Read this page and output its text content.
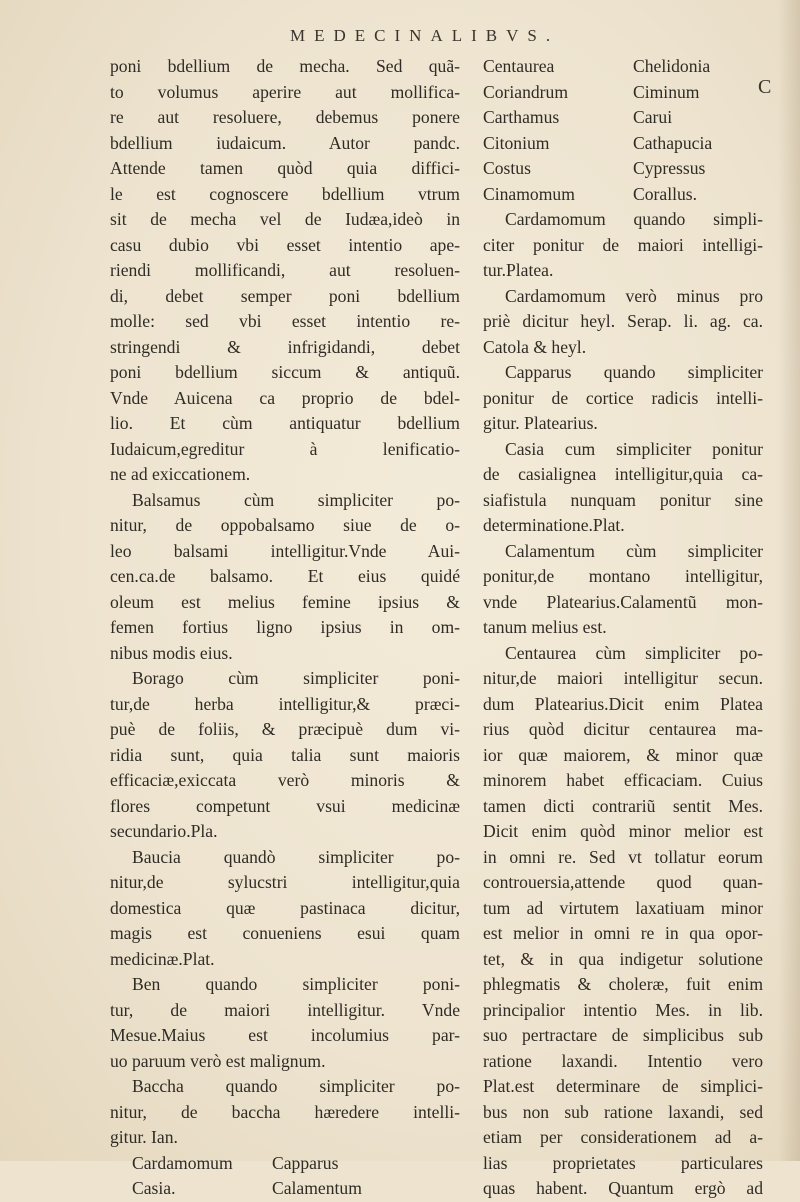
MEDECINALIBVS.
C
poni bdellium de mecha. Sed quã-
to volumus aperire aut mollifica-
re aut resoluere, debemus ponere
bdellium iudaicum. Autor pandc.
Attende tamen quòd quia diffici-
le est cognoscere bdellium vtrum
sit de mecha vel de Iudæa,ideò in
casu dubio vbi esset intentio ape-
riendi mollificandi, aut resoluen-
di, debet semper poni bdellium
molle: sed vbi esset intentio re-
stringendi & infrigidandi, debet
poni bdellium siccum & antiquũ.
Vnde Auicena ca proprio de bdel-
lio. Et cùm antiquatur bdellium
Iudaicum,egreditur à lenificatio-
ne ad exiccationem.
Balsamus cùm simpliciter po-
nitur, de oppobalsamo siue de o-
leo balsami intelligitur.Vnde Aui-
cen.ca.de balsamo. Et eius quidé
oleum est melius femine ipsius &
femen fortius ligno ipsius in om-
nibus modis eius.
Borago cùm simpliciter poni-
tur,de herba intelligitur,& præci-
puè de foliis, & præcipuè dum vi-
ridia sunt, quia talia sunt maioris
efficaciæ,exiccata verò minoris &
flores competunt vsui medicinæ
secundario.Pla.
Baucia quandò simpliciter po-
nitur,de sylucstri intelligitur,quia
domestica quæ pastinaca dicitur,
magis est conueniens esui quam
medicinæ.Plat.
Ben quando simpliciter poni-
tur, de maiori intelligitur. Vnde
Mesue.Maius est incolumius par-
uo paruum verò est malignum.
Baccha quando simpliciter po-
nitur, de baccha hæredere intelli-
gitur. Ian.
Cardamomum	Capparus
Casia.	Calamentum
Centaurea	Chelidonia
Coriandrum	Ciminum
Carthamus	Carui
Citonium	Cathapucia
Costus	Cypressus
Cinamomum	Corallus.
Cardamomum quando simpli-
citer ponitur de maiori intelligi-
tur.Platea.
Cardamomum verò minus pro
priè dicitur heyl. Serap. li. ag. ca.
Catola & heyl.
Capparus quando simpliciter
ponitur de cortice radicis intelli-
gitur. Platearius.
Casia cum simpliciter ponitur
de casialignea intelligitur,quia ca-
siafistula nunquam ponitur sine
determinatione.Plat.
Calamentum cùm simpliciter
ponitur,de montano intelligitur,
vnde Platearius.Calamentũ mon-
tanum melius est.
Centaurea cùm simpliciter po-
nitur,de maiori intelligitur secun.
dum Platearius.Dicit enim Platea
rius quòd dicitur centaurea ma-
ior quæ maiorem, & minor quæ
minorem habet efficaciam. Cuius
tamen dicti contrariũ sentit Mes.
Dicit enim quòd minor melior est
in omni re. Sed vt tollatur eorum
controuersia,attende quod quan-
tum ad virtutem laxatiuam minor
est melior in omni re in qua opor-
tet, & in qua indigetur solutione
phlegmatis & choleræ, fuit enim
principalior intentio Mes. in lib.
suo pertractare de simplicibus sub
ratione laxandi. Intentio vero
Plat.est determinare de simplici-
bus non sub ratione laxandi, sed
etiam per considerationem ad a-
lias proprietates particulares
quas habent. Quantum ergò ad
